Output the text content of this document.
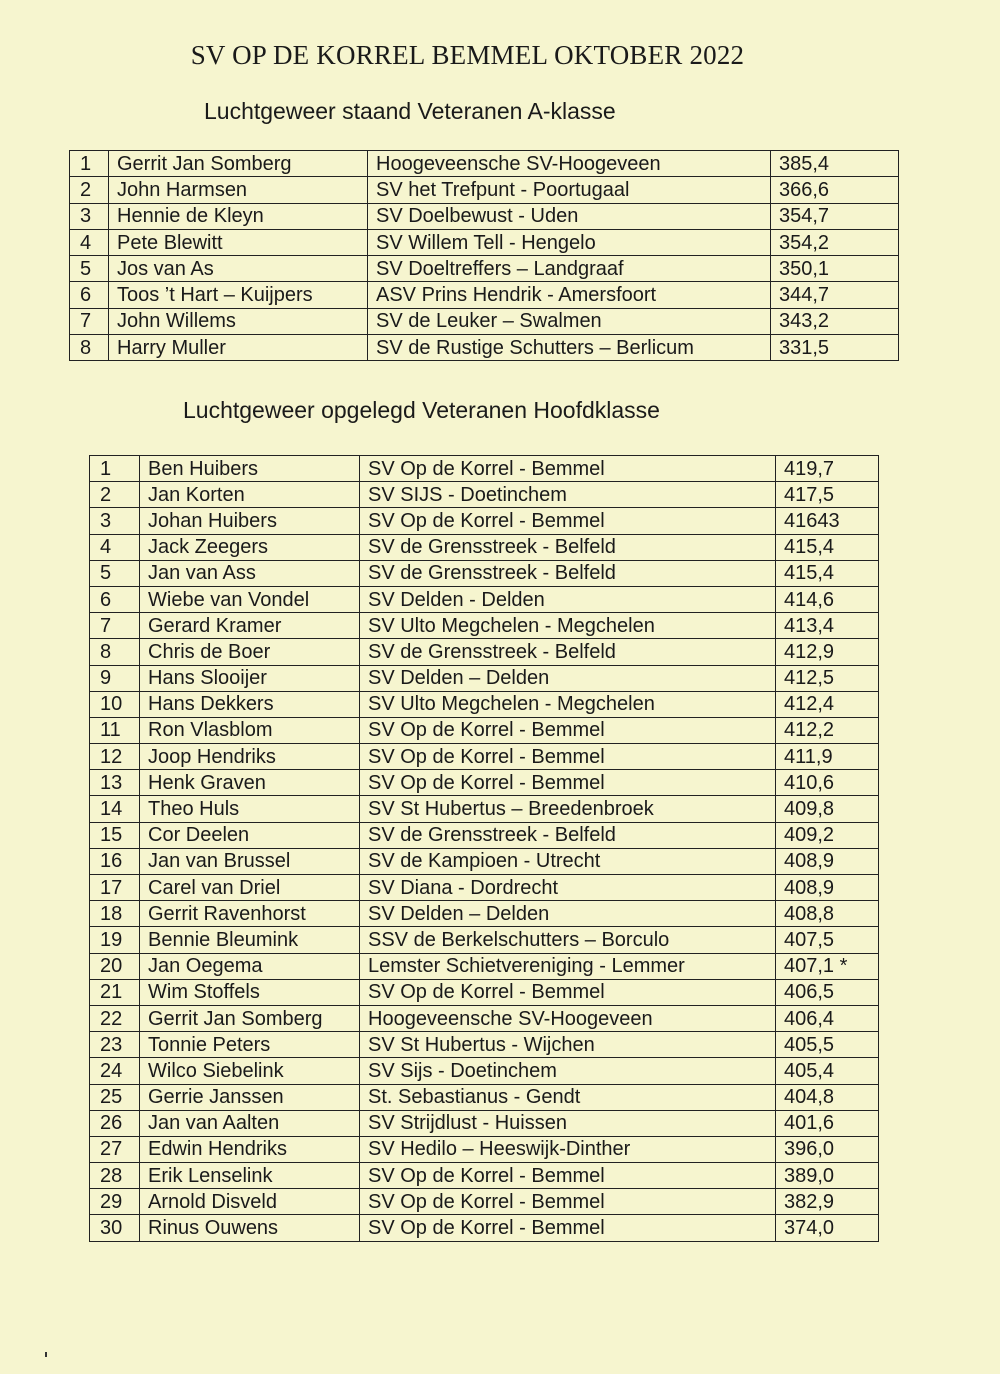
SV OP DE KORREL BEMMEL OKTOBER 2022
Luchtgeweer staand Veteranen A-klasse
1	Gerrit Jan Somberg	Hoogeveensche SV-Hoogeveen	385,4
2	John Harmsen	SV het Trefpunt - Poortugaal	366,6
3	Hennie de Kleyn	SV Doelbewust - Uden	354,7
4	Pete Blewitt	SV Willem Tell - Hengelo	354,2
5	Jos van As	SV Doeltreffers – Landgraaf	350,1
6	Toos ’t Hart – Kuijpers	ASV Prins Hendrik - Amersfoort	344,7
7	John Willems	SV de Leuker – Swalmen	343,2
8	Harry Muller	SV de Rustige Schutters – Berlicum	331,5
Luchtgeweer opgelegd Veteranen Hoofdklasse
1	Ben Huibers	SV Op de Korrel - Bemmel	419,7
2	Jan Korten	SV SIJS - Doetinchem	417,5
3	Johan Huibers	SV Op de Korrel - Bemmel	41643
4	Jack Zeegers	SV de Grensstreek - Belfeld	415,4
5	Jan van Ass	SV de Grensstreek - Belfeld	415,4
6	Wiebe van Vondel	SV Delden - Delden	414,6
7	Gerard Kramer	SV Ulto Megchelen - Megchelen	413,4
8	Chris de Boer	SV de Grensstreek - Belfeld	412,9
9	Hans Slooijer	SV Delden – Delden	412,5
10	Hans Dekkers	SV Ulto Megchelen - Megchelen	412,4
11	Ron Vlasblom	SV Op de Korrel - Bemmel	412,2
12	Joop Hendriks	SV Op de Korrel - Bemmel	411,9
13	Henk Graven	SV Op de Korrel - Bemmel	410,6
14	Theo Huls	SV St Hubertus – Breedenbroek	409,8
15	Cor Deelen	SV de Grensstreek - Belfeld	409,2
16	Jan van Brussel	SV de Kampioen - Utrecht	408,9
17	Carel van Driel	SV Diana - Dordrecht	408,9
18	Gerrit Ravenhorst	SV Delden – Delden	408,8
19	Bennie Bleumink	SSV de Berkelschutters – Borculo	407,5
20	Jan Oegema	Lemster Schietvereniging - Lemmer	407,1 *
21	Wim Stoffels	SV Op de Korrel - Bemmel	406,5
22	Gerrit Jan Somberg	Hoogeveensche SV-Hoogeveen	406,4
23	Tonnie Peters	SV St Hubertus - Wijchen	405,5
24	Wilco Siebelink	SV Sijs - Doetinchem	405,4
25	Gerrie Janssen	St. Sebastianus - Gendt	404,8
26	Jan van Aalten	SV Strijdlust - Huissen	401,6
27	Edwin Hendriks	SV Hedilo – Heeswijk-Dinther	396,0
28	Erik Lenselink	SV Op de Korrel - Bemmel	389,0
29	Arnold Disveld	SV Op de Korrel - Bemmel	382,9
30	Rinus Ouwens	SV Op de Korrel - Bemmel	374,0
